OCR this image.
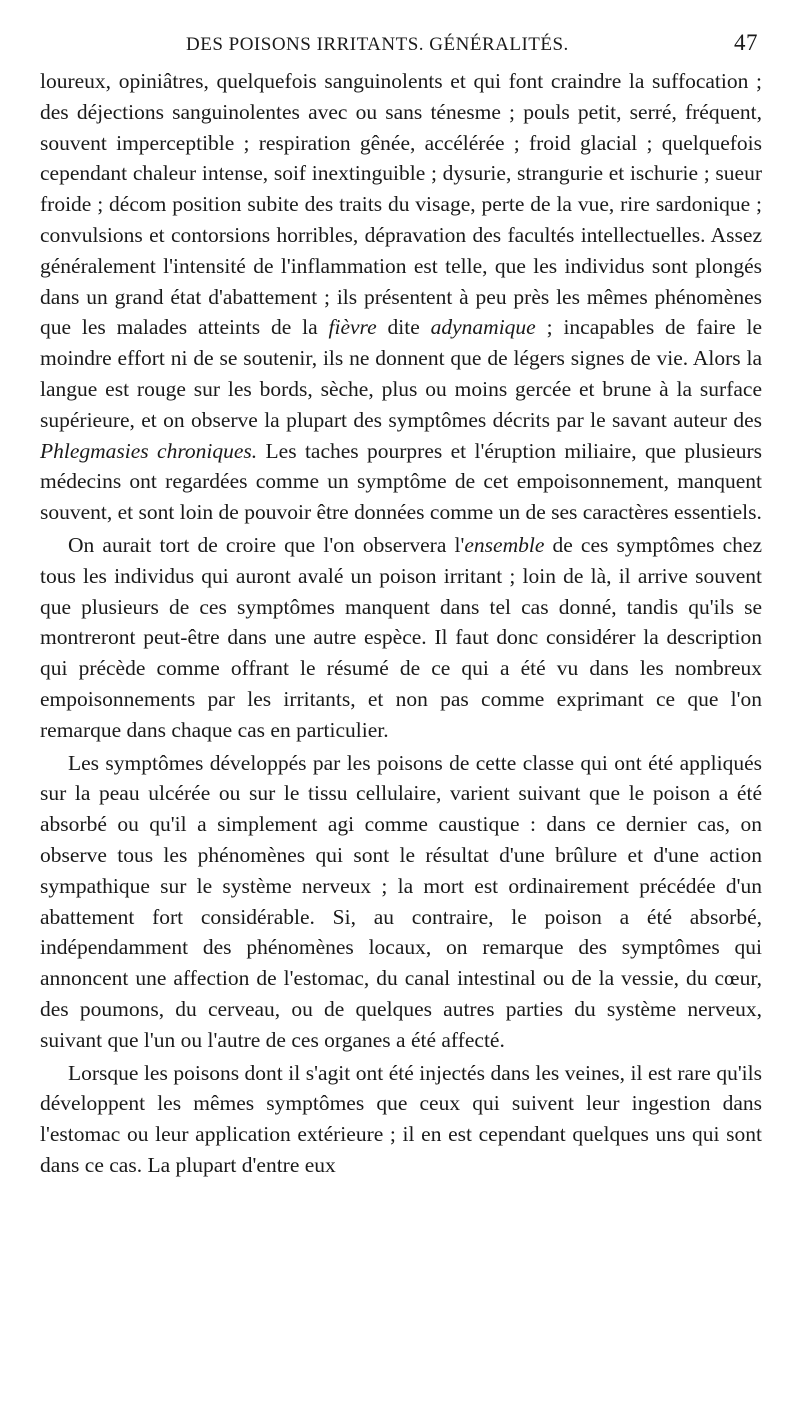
DES POISONS IRRITANTS. GÉNÉRALITÉS.	47

loureux, opiniâtres, quelquefois sanguinolents et qui font craindre la suffocation ; des déjections sanguinolentes avec ou sans ténesme ; pouls petit, serré, fréquent, souvent imperceptible ; respiration gênée, accélérée ; froid glacial ; quelquefois cependant chaleur intense, soif inextinguible ; dysurie, strangurie et ischurie ; sueur froide ; décom position subite des traits du visage, perte de la vue, rire sardonique ; convulsions et contorsions horribles, dépravation des facultés intellectuelles. Assez généralement l'intensité de l'inflammation est telle, que les individus sont plongés dans un grand état d'abattement ; ils présentent à peu près les mêmes phénomènes que les malades atteints de la fièvre dite adynamique ; incapables de faire le moindre effort ni de se soutenir, ils ne donnent que de légers signes de vie. Alors la langue est rouge sur les bords, sèche, plus ou moins gercée et brune à la surface supérieure, et on observe la plupart des symptômes décrits par le savant auteur des Phlegmasies chroniques. Les taches pourpres et l'éruption miliaire, que plusieurs médecins ont regardées comme un symptôme de cet empoisonnement, manquent souvent, et sont loin de pouvoir être données comme un de ses caractères essentiels.

On aurait tort de croire que l'on observera l'ensemble de ces symptômes chez tous les individus qui auront avalé un poison irritant ; loin de là, il arrive souvent que plusieurs de ces symptômes manquent dans tel cas donné, tandis qu'ils se montreront peut-être dans une autre espèce. Il faut donc considérer la description qui précède comme offrant le résumé de ce qui a été vu dans les nombreux empoisonnements par les irritants, et non pas comme exprimant ce que l'on remarque dans chaque cas en particulier.

Les symptômes développés par les poisons de cette classe qui ont été appliqués sur la peau ulcérée ou sur le tissu cellulaire, varient suivant que le poison a été absorbé ou qu'il a simplement agi comme caustique : dans ce dernier cas, on observe tous les phénomènes qui sont le résultat d'une brûlure et d'une action sympathique sur le système nerveux ; la mort est ordinairement précédée d'un abattement fort considérable. Si, au contraire, le poison a été absorbé, indépendamment des phénomènes locaux, on remarque des symptômes qui annoncent une affection de l'estomac, du canal intestinal ou de la vessie, du cœur, des poumons, du cerveau, ou de quelques autres parties du système nerveux, suivant que l'un ou l'autre de ces organes a été affecté.

Lorsque les poisons dont il s'agit ont été injectés dans les veines, il est rare qu'ils développent les mêmes symptômes que ceux qui suivent leur ingestion dans l'estomac ou leur application extérieure ; il en est cependant quelques uns qui sont dans ce cas. La plupart d'entre eux
